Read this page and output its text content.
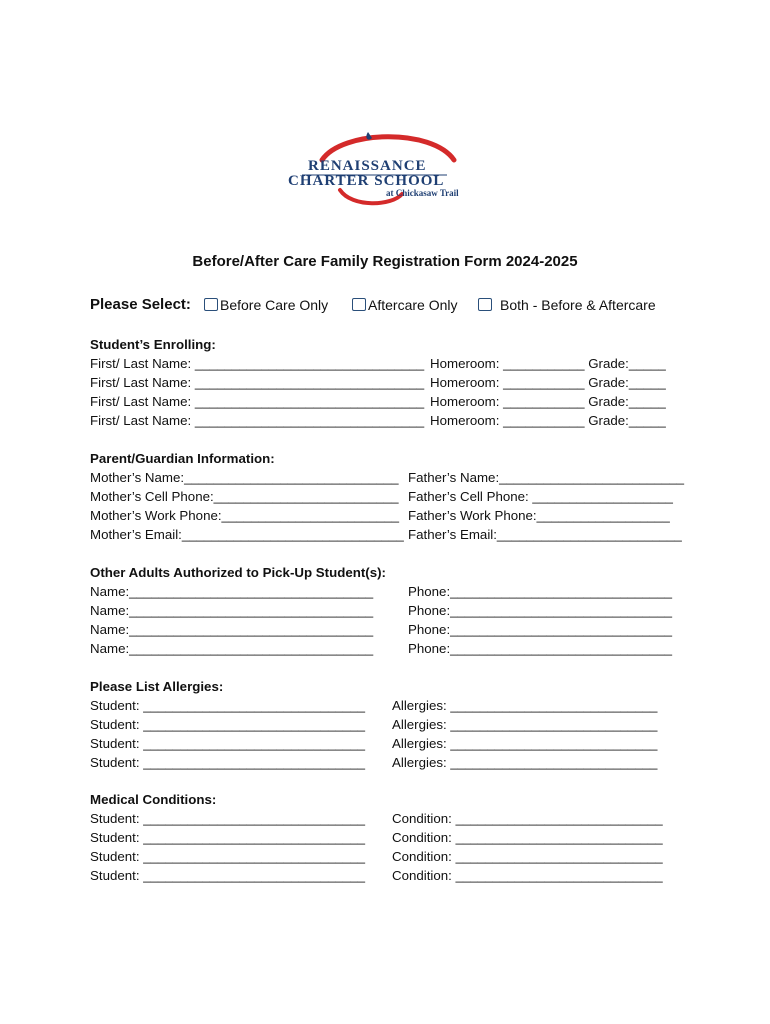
RENAISSANCE
CHARTER SCHOOL
at Chickasaw Trail
Before/After Care Family Registration Form 2024-2025
Please Select:	Before Care Only	Aftercare Only	Both - Before & Aftercare
Student’s Enrolling:
First/ Last Name: _______________________________ Homeroom: ___________ Grade:_____
First/ Last Name: _______________________________ Homeroom: ___________ Grade:_____
First/ Last Name: _______________________________ Homeroom: ___________ Grade:_____
First/ Last Name: _______________________________ Homeroom: ___________ Grade:_____
Parent/Guardian Information:
Mother’s Name:_____________________________ Father’s Name:_________________________
Mother’s Cell Phone:_________________________ Father’s Cell Phone: ___________________
Mother’s Work Phone:________________________ Father’s Work Phone:__________________
Mother’s Email:______________________________ Father’s Email:_________________________
Other Adults Authorized to Pick-Up Student(s):
Name:_________________________________	Phone:______________________________
Name:_________________________________	Phone:______________________________
Name:_________________________________	Phone:______________________________
Name:_________________________________	Phone:______________________________
Please List Allergies:
Student: ______________________________ Allergies: ____________________________
Student: ______________________________ Allergies: ____________________________
Student: ______________________________ Allergies: ____________________________
Student: ______________________________ Allergies: ____________________________
Medical Conditions:
Student: ______________________________ Condition: ____________________________
Student: ______________________________ Condition: ____________________________
Student: ______________________________ Condition: ____________________________
Student: ______________________________ Condition: ____________________________
